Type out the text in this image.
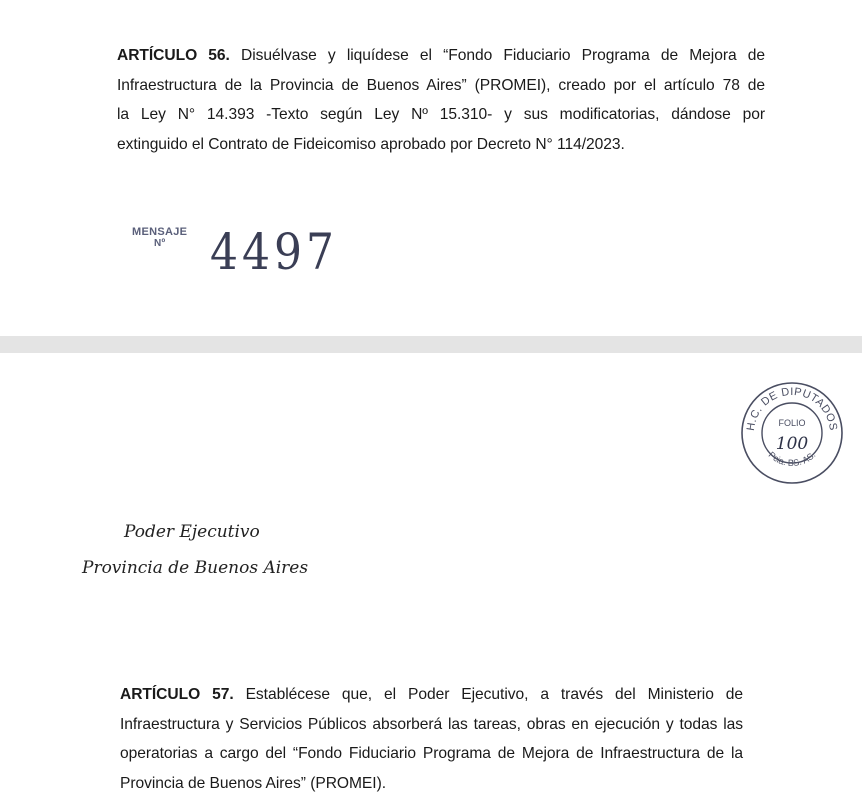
ARTÍCULO 56. Disuélvase y liquídese el “Fondo Fiduciario Programa de Mejora de
Infraestructura de la Provincia de Buenos Aires” (PROMEI), creado por el artículo 78 de
la Ley N° 14.393 -Texto según Ley Nº 15.310- y sus modificatorias, dándose por
extinguido el Contrato de Fideicomiso aprobado por Decreto N° 114/2023.
MENSAJE
Nº	4497
H.C. DE DIPUTADOS
Pcia. BS. AS.
FOLIO
100
Poder Ejecutivo
Provincia de Buenos Aires
ARTÍCULO 57. Establécese que, el Poder Ejecutivo, a través del Ministerio de
Infraestructura y Servicios Públicos absorberá las tareas, obras en ejecución y todas las
operatorias a cargo del “Fondo Fiduciario Programa de Mejora de Infraestructura de la
Provincia de Buenos Aires” (PROMEI).
